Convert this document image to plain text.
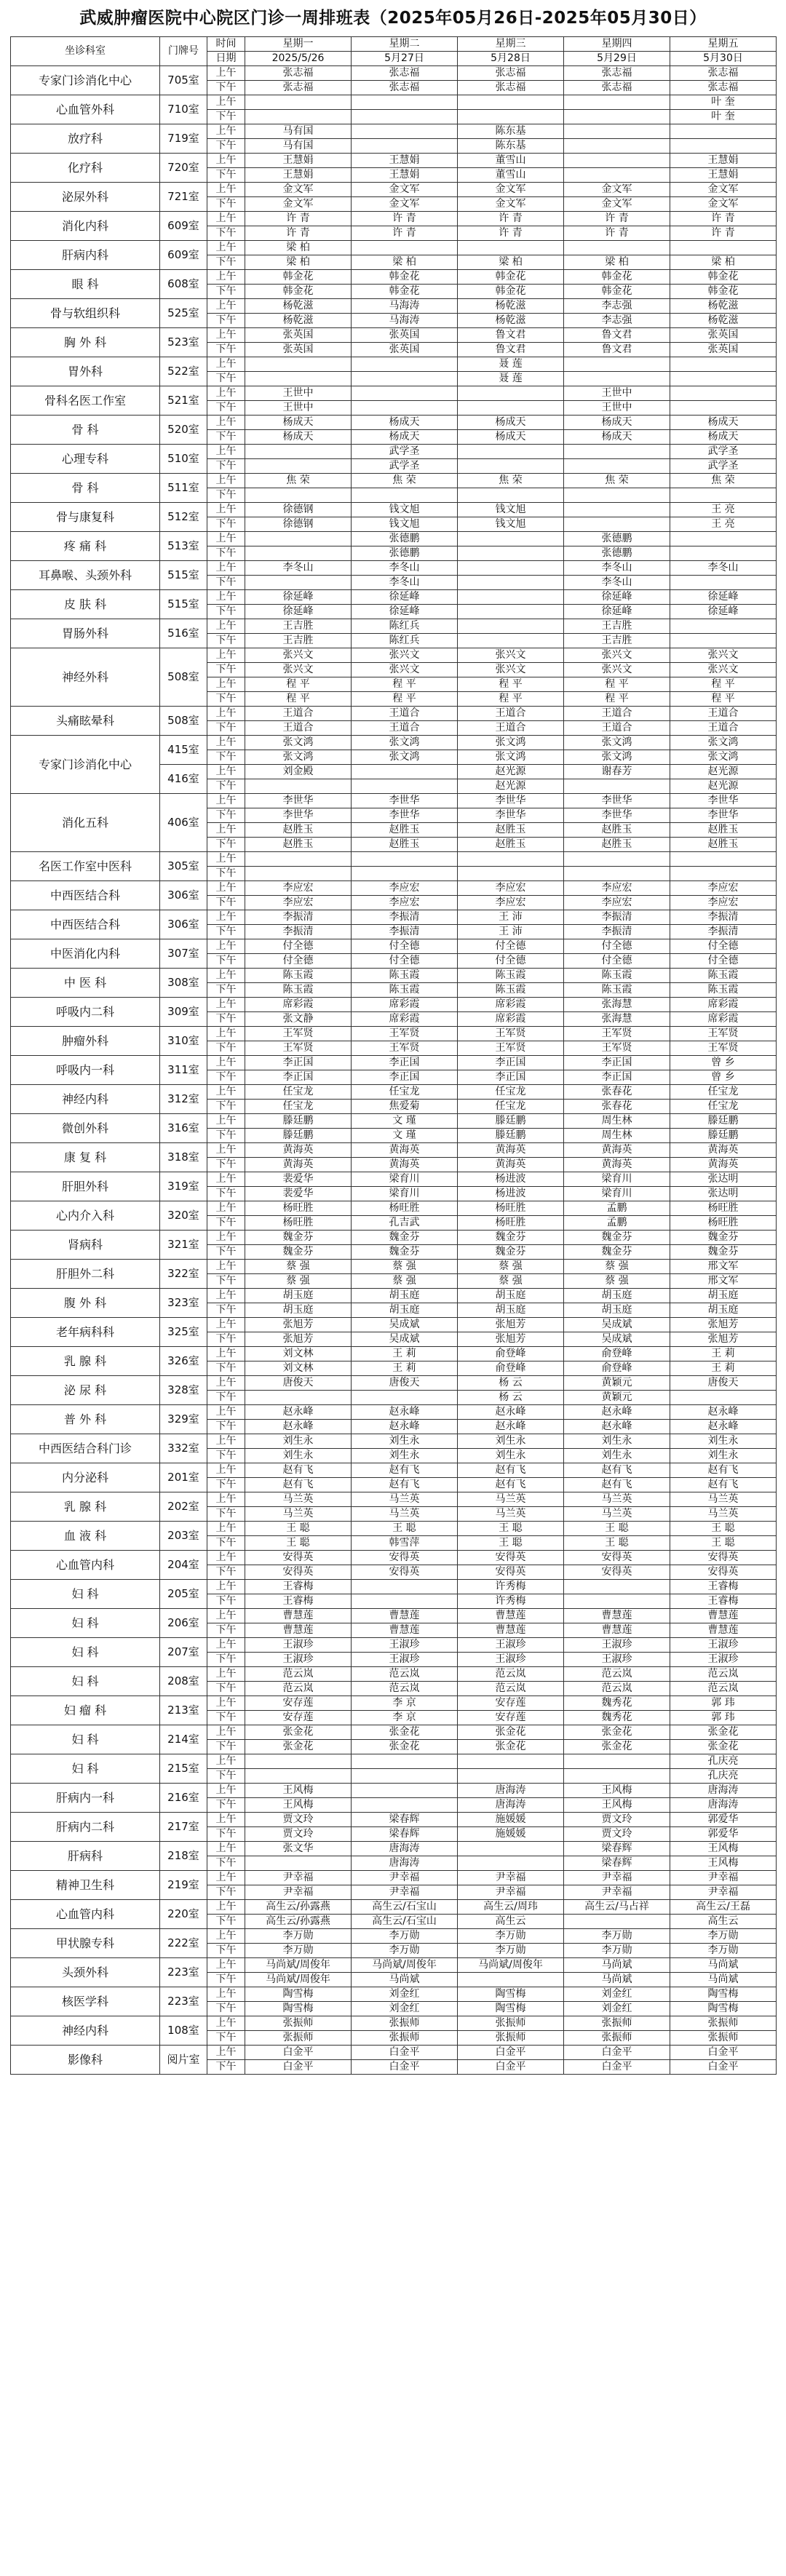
武威肿瘤医院中心院区门诊一周排班表（2025年05月26日-2025年05月30日）
坐诊科室	门牌号	时间	星期一	星期二	星期三	星期四	星期五
		日期	2025/5/26	5月27日	5月28日	5月29日	5月30日
专家门诊消化中心	705室	上午	张志福	张志福	张志福	张志福	张志福
		下午	张志福	张志福	张志福	张志福	张志福
心血管外科	710室	上午					叶 奎
		下午					叶 奎
放疗科	719室	上午	马有国		陈东基		
		下午	马有国		陈东基		
化疗科	720室	上午	王慧娟	王慧娟	董雪山		王慧娟
		下午	王慧娟	王慧娟	董雪山		王慧娟
泌尿外科	721室	上午	金文军	金文军	金文军	金文军	金文军
		下午	金文军	金文军	金文军	金文军	金文军
消化内科	609室	上午	许 青	许 青	许 青	许 青	许 青
		下午	许 青	许 青	许 青	许 青	许 青
肝病内科	609室	上午	梁 柏				
		下午	梁 柏	梁 柏	梁 柏	梁 柏	梁 柏
眼 科	608室	上午	韩金花	韩金花	韩金花	韩金花	韩金花
		下午	韩金花	韩金花	韩金花	韩金花	韩金花
骨与软组织科	525室	上午	杨乾滋	马海涛	杨乾滋	李志强	杨乾滋
		下午	杨乾滋	马海涛	杨乾滋	李志强	杨乾滋
胸 外 科	523室	上午	张英国	张英国	鲁文君	鲁文君	张英国
		下午	张英国	张英国	鲁文君	鲁文君	张英国
胃外科	522室	上午			聂 莲		
		下午			聂 莲		
骨科名医工作室	521室	上午	王世中			王世中	
		下午	王世中			王世中	
骨 科	520室	上午	杨成天	杨成天	杨成天	杨成天	杨成天
		下午	杨成天	杨成天	杨成天	杨成天	杨成天
心理专科	510室	上午		武学圣			武学圣
		下午		武学圣			武学圣
骨 科	511室	上午	焦 荣	焦 荣	焦 荣	焦 荣	焦 荣
		下午					
骨与康复科	512室	上午	徐德钢	钱文旭	钱文旭		王 亮
		下午	徐德钢	钱文旭	钱文旭		王 亮
疼 痛 科	513室	上午		张德鹏		张德鹏	
		下午		张德鹏		张德鹏	
耳鼻喉、头颈外科	515室	上午	李冬山	李冬山		李冬山	李冬山
		下午		李冬山		李冬山	
皮 肤 科	515室	上午	徐延峰	徐延峰		徐延峰	徐延峰
		下午	徐延峰	徐延峰		徐延峰	徐延峰
胃肠外科	516室	上午	王吉胜	陈红兵		王吉胜	
		下午	王吉胜	陈红兵		王吉胜	
神经外科	508室	上午	张兴文	张兴文	张兴文	张兴文	张兴文
		下午	张兴文	张兴文	张兴文	张兴文	张兴文
		上午	程 平	程 平	程 平	程 平	程 平
		下午	程 平	程 平	程 平	程 平	程 平
头痛眩晕科	508室	上午	王道合	王道合	王道合	王道合	王道合
		下午	王道合	王道合	王道合	王道合	王道合
专家门诊消化中心	415室	上午	张文鸿	张文鸿	张文鸿	张文鸿	张文鸿
		下午	张文鸿	张文鸿	张文鸿	张文鸿	张文鸿
	416室	上午	刘金殿		赵光源	谢春芳	赵光源
		下午			赵光源		赵光源
消化五科	406室	上午	李世华	李世华	李世华	李世华	李世华
		下午	李世华	李世华	李世华	李世华	李世华
		上午	赵胜玉	赵胜玉	赵胜玉	赵胜玉	赵胜玉
		下午	赵胜玉	赵胜玉	赵胜玉	赵胜玉	赵胜玉
名医工作室中医科	305室	上午					
		下午					
中西医结合科	306室	上午	李应宏	李应宏	李应宏	李应宏	李应宏
		下午	李应宏	李应宏	李应宏	李应宏	李应宏
中西医结合科	306室	上午	李振清	李振清	王 沛	李振清	李振清
		下午	李振清	李振清	王 沛	李振清	李振清
中医消化内科	307室	上午	付全德	付全德	付全德	付全德	付全德
		下午	付全德	付全德	付全德	付全德	付全德
中 医 科	308室	上午	陈玉霞	陈玉霞	陈玉霞	陈玉霞	陈玉霞
		下午	陈玉霞	陈玉霞	陈玉霞	陈玉霞	陈玉霞
呼吸内二科	309室	上午	席彩霞	席彩霞	席彩霞	张海慧	席彩霞
		下午	张文静	席彩霞	席彩霞	张海慧	席彩霞
肿瘤外科	310室	上午	王军贤	王军贤	王军贤	王军贤	王军贤
		下午	王军贤	王军贤	王军贤	王军贤	王军贤
呼吸内一科	311室	上午	李正国	李正国	李正国	李正国	曾 乡
		下午	李正国	李正国	李正国	李正国	曾 乡
神经内科	312室	上午	任宝龙	任宝龙	任宝龙	张春花	任宝龙
		下午	任宝龙	焦爱菊	任宝龙	张春花	任宝龙
微创外科	316室	上午	滕廷鹏	文 瑾	滕廷鹏	周生林	滕廷鹏
		下午	滕廷鹏	文 瑾	滕廷鹏	周生林	滕廷鹏
康 复 科	318室	上午	黄海英	黄海英	黄海英	黄海英	黄海英
		下午	黄海英	黄海英	黄海英	黄海英	黄海英
肝胆外科	319室	上午	裴爱华	梁育川	杨进波	梁育川	张达明
		下午	裴爱华	梁育川	杨进波	梁育川	张达明
心内介入科	320室	上午	杨旺胜	杨旺胜	杨旺胜	孟鹏	杨旺胜
		下午	杨旺胜	孔吉武	杨旺胜	孟鹏	杨旺胜
肾病科	321室	上午	魏金芬	魏金芬	魏金芬	魏金芬	魏金芬
		下午	魏金芬	魏金芬	魏金芬	魏金芬	魏金芬
肝胆外二科	322室	上午	蔡 强	蔡 强	蔡 强	蔡 强	邢文军
		下午	蔡 强	蔡 强	蔡 强	蔡 强	邢文军
腹 外 科	323室	上午	胡玉庭	胡玉庭	胡玉庭	胡玉庭	胡玉庭
		下午	胡玉庭	胡玉庭	胡玉庭	胡玉庭	胡玉庭
老年病科科	325室	上午	张旭芳	吴成斌	张旭芳	吴成斌	张旭芳
		下午	张旭芳	吴成斌	张旭芳	吴成斌	张旭芳
乳 腺 科	326室	上午	刘文林	王 莉	俞登峰	俞登峰	王 莉
		下午	刘文林	王 莉	俞登峰	俞登峰	王 莉
泌 尿 科	328室	上午	唐俊天	唐俊天	杨 云	黄颖元	唐俊天
		下午			杨 云	黄颖元	
普 外 科	329室	上午	赵永峰	赵永峰	赵永峰	赵永峰	赵永峰
		下午	赵永峰	赵永峰	赵永峰	赵永峰	赵永峰
中西医结合科门诊	332室	上午	刘生永	刘生永	刘生永	刘生永	刘生永
		下午	刘生永	刘生永	刘生永	刘生永	刘生永
内分泌科	201室	上午	赵有飞	赵有飞	赵有飞	赵有飞	赵有飞
		下午	赵有飞	赵有飞	赵有飞	赵有飞	赵有飞
乳 腺 科	202室	上午	马兰英	马兰英	马兰英	马兰英	马兰英
		下午	马兰英	马兰英	马兰英	马兰英	马兰英
血 液 科	203室	上午	王 聪	王 聪	王 聪	王 聪	王 聪
		下午	王 聪	韩雪萍	王 聪	王 聪	王 聪
心血管内科	204室	上午	安得英	安得英	安得英	安得英	安得英
		下午	安得英	安得英	安得英	安得英	安得英
妇 科	205室	上午	王睿梅		许秀梅		王睿梅
		下午	王睿梅		许秀梅		王睿梅
妇 科	206室	上午	曹慧莲	曹慧莲	曹慧莲	曹慧莲	曹慧莲
		下午	曹慧莲	曹慧莲	曹慧莲	曹慧莲	曹慧莲
妇 科	207室	上午	王淑珍	王淑珍	王淑珍	王淑珍	王淑珍
		下午	王淑珍	王淑珍	王淑珍	王淑珍	王淑珍
妇 科	208室	上午	范云岚	范云岚	范云岚	范云岚	范云岚
		下午	范云岚	范云岚	范云岚	范云岚	范云岚
妇 瘤 科	213室	上午	安存莲	李 京	安存莲	魏秀花	郭 玮
		下午	安存莲	李 京	安存莲	魏秀花	郭 玮
妇 科	214室	上午	张金花	张金花	张金花	张金花	张金花
		下午	张金花	张金花	张金花	张金花	张金花
妇 科	215室	上午					孔庆亮
		下午					孔庆亮
肝病内一科	216室	上午	王风梅		唐海涛	王风梅	唐海涛
		下午	王风梅		唐海涛	王风梅	唐海涛
肝病内二科	217室	上午	贾文玲	梁春辉	施媛媛	贾文玲	郭爱华
		下午	贾文玲	梁春辉	施媛媛	贾文玲	郭爱华
肝病科	218室	上午	张文华	唐海涛		梁春辉	王风梅
		下午		唐海涛		梁春辉	王风梅
精神卫生科	219室	上午	尹幸福	尹幸福	尹幸福	尹幸福	尹幸福
		下午	尹幸福	尹幸福	尹幸福	尹幸福	尹幸福
心血管内科	220室	上午	高生云/孙露燕	高生云/石宝山	高生云/周玮	高生云/马占祥	高生云/王磊
		下午	高生云/孙露燕	高生云/石宝山	高生云		高生云
甲状腺专科	222室	上午	李万勋	李万勋	李万勋	李万勋	李万勋
		下午	李万勋	李万勋	李万勋	李万勋	李万勋
头颈外科	223室	上午	马尚斌/周俊年	马尚斌/周俊年	马尚斌/周俊年	马尚斌	马尚斌
		下午	马尚斌/周俊年	马尚斌		马尚斌	马尚斌
核医学科	223室	上午	陶雪梅	刘金红	陶雪梅	刘金红	陶雪梅
		下午	陶雪梅	刘金红	陶雪梅	刘金红	陶雪梅
神经内科	108室	上午	张振师	张振师	张振师	张振师	张振师
		下午	张振师	张振师	张振师	张振师	张振师
影像科	阅片室	上午	白金平	白金平	白金平	白金平	白金平
		下午	白金平	白金平	白金平	白金平	白金平
